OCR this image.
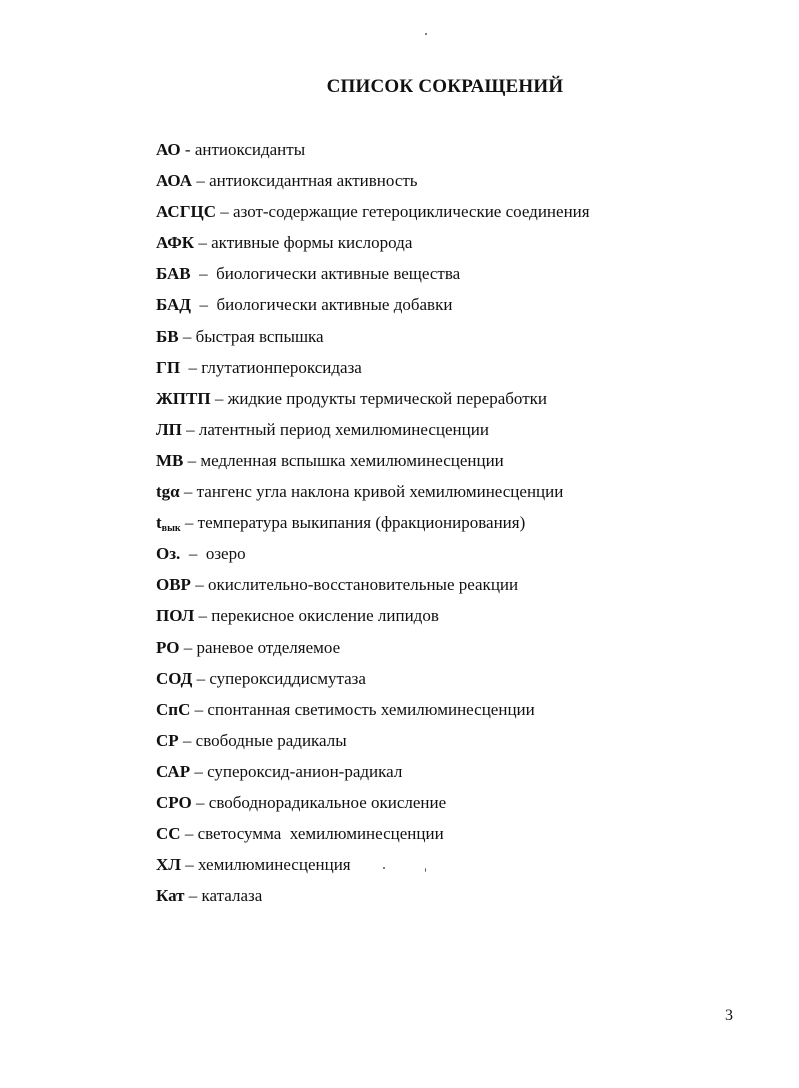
СПИСОК СОКРАЩЕНИЙ
АО - антиоксиданты
АОА – антиоксидантная активность
АСГЦС – азот-содержащие гетероциклические соединения
АФК – активные формы кислорода
БАВ  –  биологически активные вещества
БАД  –  биологически активные добавки
БВ – быстрая вспышка
ГП  – глутатионпероксидаза
ЖПТП – жидкие продукты термической переработки
ЛП – латентный период хемилюминесценции
МВ – медленная вспышка хемилюминесценции
tgα – тангенс угла наклона кривой хемилюминесценции
$t_{вык}$ – температура выкипания (фракционирования)
Оз.  –  озеро
ОВР – окислительно-восстановительные реакции
ПОЛ – перекисное окисление липидов
РО – раневое отделяемое
СОД – супероксиддисмутаза
СпС – спонтанная светимость хемилюминесценции
СР – свободные радикалы
САР – супероксид-анион-радикал
СРО – свободнорадикальное окисление
СС – светосумма  хемилюминесценции
ХЛ – хемилюминесценция
Кат – каталаза
3
